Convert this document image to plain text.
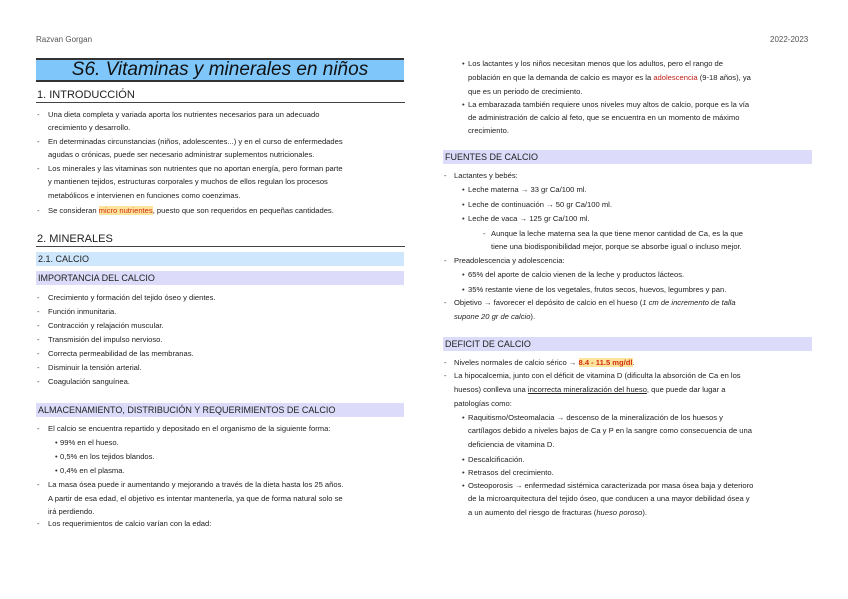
Razvan Gorgan	2022-2023
S6. Vitaminas y minerales en niños
1. INTRODUCCIÓN
2. MINERALES
2.1. CALCIO
IMPORTANCIA DEL CALCIO
ALMACENAMIENTO, DISTRIBUCIÓN Y REQUERIMIENTOS DE CALCIO
FUENTES DE CALCIO
DEFICIT DE CALCIO
- Una dieta completa y variada aporta los nutrientes necesarios para un adecuado
crecimiento y desarrollo.
- En determinadas circunstancias (niños, adolescentes...) y en el curso de enfermedades
agudas o crónicas, puede ser necesario administrar suplementos nutricionales.
- Los minerales y las vitaminas son nutrientes que no aportan energía, pero forman parte
y mantienen tejidos, estructuras corporales y muchos de ellos regulan los procesos
metabólicos e intervienen en funciones como coenzimas.
- Se consideran micro nutrientes, puesto que son requeridos en pequeñas cantidades.
- Crecimiento y formación del tejido óseo y dientes.
- Función inmunitaria.
- Contracción y relajación muscular.
- Transmisión del impulso nervioso.
- Correcta permeabilidad de las membranas.
- Disminuir la tensión arterial.
- Coagulación sanguínea.
- El calcio se encuentra repartido y depositado en el organismo de la siguiente forma:
• 99% en el hueso.
• 0,5% en los tejidos blandos.
• 0,4% en el plasma.
- La masa ósea puede ir aumentando y mejorando a través de la dieta hasta los 25 años.
A partir de esa edad, el objetivo es intentar mantenerla, ya que de forma natural solo se
irá perdiendo.
- Los requerimientos de calcio varían con la edad:
• Los lactantes y los niños necesitan menos que los adultos, pero el rango de
población en que la demanda de calcio es mayor es la adolescencia (9-18 años), ya
que es un periodo de crecimiento.
• La embarazada también requiere unos niveles muy altos de calcio, porque es la vía
de administración de calcio al feto, que se encuentra en un momento de máximo
crecimiento.
- Lactantes y bebés:
• Leche materna → 33 gr Ca/100 ml.
• Leche de continuación → 50 gr Ca/100 ml.
• Leche de vaca → 125 gr Ca/100 ml.
- Aunque la leche materna sea la que tiene menor cantidad de Ca, es la que
tiene una biodisponibilidad mejor, porque se absorbe igual o incluso mejor.
- Preadolescencia y adolescencia:
• 65% del aporte de calcio vienen de la leche y productos lácteos.
• 35% restante viene de los vegetales, frutos secos, huevos, legumbres y pan.
- Objetivo → favorecer el depósito de calcio en el hueso (1 cm de incremento de talla
supone 20 gr de calcio).
- Niveles normales de calcio sérico → 8.4 - 11.5 mg/dl.
- La hipocalcemia, junto con el déficit de vitamina D (dificulta la absorción de Ca en los
huesos) conlleva una incorrecta mineralización del hueso, que puede dar lugar a
patologías como:
• Raquitismo/Osteomalacia → descenso de la mineralización de los huesos y
cartílagos debido a niveles bajos de Ca y P en la sangre como consecuencia de una
deficiencia de vitamina D.
• Descalcificación.
• Retrasos del crecimiento.
• Osteoporosis → enfermedad sistémica caracterizada por masa ósea baja y deterioro
de la microarquitectura del tejido óseo, que conducen a una mayor debilidad ósea y
a un aumento del riesgo de fracturas (hueso poroso).
